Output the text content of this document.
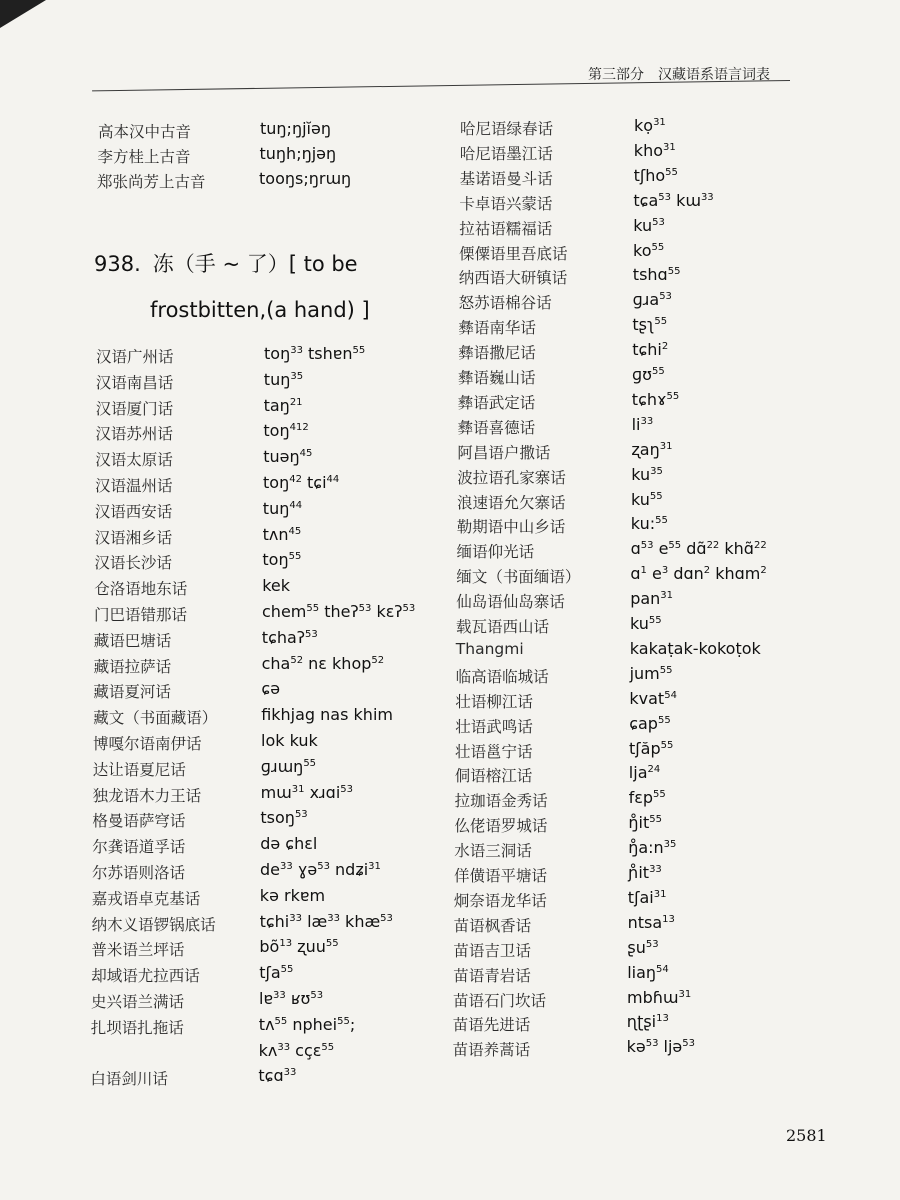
第三部分 汉藏语系语言词表
高本汉中古音	tuŋ;ŋjĭəŋ
李方桂上古音	tuŋh;ŋjəŋ
郑张尚芳上古音	tooŋs;ŋrɯŋ
938. 冻（手 ~ 了）[ to be
frostbitten,(a hand) ]
汉语广州话	toŋ$^{33}$ tshɐn$^{55}$
汉语南昌话	tuŋ$^{35}$
汉语厦门话	taŋ$^{21}$
汉语苏州话	toŋ$^{412}$
汉语太原话	tuəŋ$^{45}$
汉语温州话	toŋ$^{42}$ tɕi$^{44}$
汉语西安话	tuŋ$^{44}$
汉语湘乡话	tʌn$^{45}$
汉语长沙话	toŋ$^{55}$
仓洛语地东话	kek
门巴语错那话	chem$^{55}$ theʔ$^{53}$ kɛʔ$^{53}$
藏语巴塘话	tɕhaʔ$^{53}$
藏语拉萨话	cha$^{52}$ nɛ khop$^{52}$
藏语夏河话	ɕə
藏文（书面藏语）	fikhjag nas khim
博嘎尔语南伊话	lok kuk
达让语夏尼话	ɡɹɯŋ$^{55}$
独龙语木力王话	mɯ$^{31}$ xɹɑi$^{53}$
格曼语萨穹话	tsoŋ$^{53}$
尔龚语道孚话	də ɕhɛl
尔苏语则洛话	$de^{33}$ ɣə$^{53}$ ndʑi$^{31}$
嘉戎语卓克基话	kə rkɐm
纳木义语锣锅底话	tɕhi$^{33}$ $læ^{33}$ khæ$^{53}$
普米语兰坪话	$bõ^{13}$ ʐuu$^{55}$
却域语尤拉西话	tʃa$^{55}$
史兴语兰满话	lɐ$^{33}$ ʁʊ$^{53}$
扎坝语扎拖话	tʌ$^{55}$ nphei$^{55}$;
kʌ$^{33}$ cçɛ$^{55}$
白语剑川话	tɕɑ$^{33}$
哈尼语绿春话	kọ$^{31}$
哈尼语墨江话	kho$^{31}$
基诺语曼斗话	tʃho$^{55}$
卡卓语兴蒙话	tɕa$^{53}$ kɯ$^{33}$
拉祜语糯福话	$ku^{53}$
傈僳语里吾底话	$ko^{55}$
纳西语大研镇话	tshɑ$^{55}$
怒苏语棉谷话	ɡɹa$^{53}$
彝语南华话	tʂʅ$^{55}$
彝语撒尼话	tɕhi$^2$
彝语巍山话	ɡʊ$^{55}$
彝语武定话	tɕhɤ$^{55}$
彝语喜德话	$li^{33}$
阿昌语户撒话	ʐaŋ$^{31}$
波拉语孔家寨话	$ku^{35}$
浪速语允欠寨话	$ku^{55}$
勒期语中山乡话	ku:$^{55}$
缅语仰光话	ɑ$^{53}$ $e^{55}$ dɑ̃$^{22}$ khɑ̃$^{22}$
缅文（书面缅语）	ɑ$^1$ $e^3$ dɑn$^2$ khɑm$^2$
仙岛语仙岛寨话	pan$^{31}$
载瓦语西山话	$ku^{55}$
Thangmi	kakaṭak-kokoṭok
临高语临城话	jum$^{55}$
壮语柳江话	kvat$^{54}$
壮语武鸣话	ɕap$^{55}$
壮语邕宁话	tʃăp$^{55}$
侗语榕江话	lja$^{24}$
拉珈语金秀话	fɛp$^{55}$
仫佬语罗城话	$ŋ̊it^{55}$
水语三洞话	$ŋ̊a:n^{35}$
佯僙语平塘话	$ɲ̊it^{33}$
炯奈语龙华话	tʃai$^{31}$
苗语枫香话	ntsa$^{13}$
苗语吉卫话	ʂu$^{53}$
苗语青岩话	liaŋ$^{54}$
苗语石门坎话	mbɦɯ$^{31}$
苗语先进话	ɳʈʂi$^{13}$
苗语养蒿话	kə$^{53}$ ljə$^{53}$
2581
